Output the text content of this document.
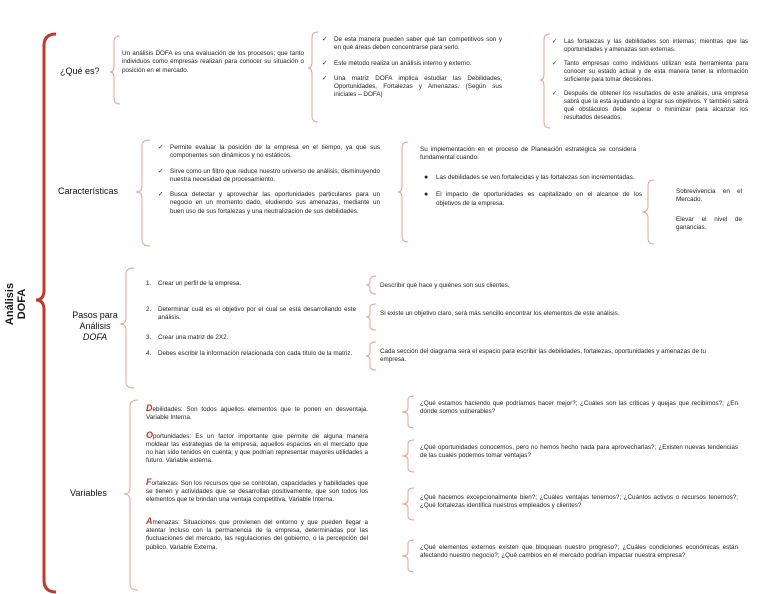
Análisis DOFA
¿Qué es?
Un análisis DOFA es una evaluación de los procesos; que tanto individuos como empresas realizan para conocer su situación o posición en el mercado.
✓ De esta manera pueden saber qué tan competitivos son y en qué áreas deben concentrarse para serlo.
✓ Este método realiza un análisis interno y externo.
✓ Una matriz DOFA implica estudiar las Debilidades, Oportunidades, Fortalezas y Amenazas. (Según sus iniciales – DOFA)
✓ Las fortalezas y las debilidades son internas; mientras que las oportunidades y amenazas son externas.
✓ Tanto empresas como individuos utilizan esta herramienta para conocer su estado actual y de esta manera tener la información suficiente para tomar decisiones.
✓ Después de obtener los resultados de este análisis, una empresa sabrá qué la está ayudando a lograr sus objetivos. Y también sabrá qué obstáculos debe superar o minimizar para alcanzar los resultados deseados.
Características
✓ Permite evaluar la posición de la empresa en el tiempo, ya que sus componentes son dinámicos y no estáticos.
✓ Sirve como un filtro que reduce nuestro universo de análisis, disminuyendo nuestra necesidad de procesamiento.
✓ Busca detectar y aprovechar las oportunidades particulares para un negocio en un momento dado, eludiendo sus amenazas, mediante un buen uso de sus fortalezas y una neutralización de sus debilidades.
Su implementación en el proceso de Planeación estratégica se considera fundamental cuando:
● Las debilidades se ven fortalecidas y las fortalezas son incrementadas.
● El impacto de oportunidades es capitalizado en el alcance de los objetivos de la empresa.
Sobrevivencia en el Mercado.
Elevar el nivel de ganancias.
Pasos para
Análisis
DOFA
1. Crear un perfil de la empresa.
2. Determinar cuál es el objetivo por el cual se está desarrollando este análisis.
3. Crear una matriz de 2X2.
4. Debes escribir la información relacionada con cada título de la matriz.
Describir qué hace y quiénes son sus clientes.
Si existe un objetivo claro, será más sencillo encontrar los elementos de este análisis.
Cada sección del diagrama será el espacio para escribir las debilidades, fortalezas, oportunidades y amenazas de tu empresa.
Variables
Debilidades: Son todos aquellos elementos que te ponen en desventaja. Variable Interna.
Oportunidades: Es un factor importante que permite de alguna manera moldear las estrategias de la empresa, aquellos espacios en el mercado que no han sido tenidos en cuenta; y que podrían representar mayores utilidades a futuro. Variable externa.
Fortalezas: Son los recursos que se controlan, capacidades y habilidades que se tienen y actividades que se desarrollan positivamente, que son todos los elementos que te brindan una ventaja competitiva. Variable Interna.
Amenazas: Situaciones que provienen del entorno y que pueden llegar a atentar incluso con la permanencia de la empresa, determinadas por las fluctuaciones del mercado, las regulaciones del gobierno, o la percepción del público. Variable Externa.
¿Qué estamos haciendo que podríamos hacer mejor?; ¿Cuáles son las críticas y quejas que recibimos?; ¿En dónde somos vulnerables?
¿Qué oportunidades conocemos, pero no hemos hecho nada para aprovecharlas?; ¿Existen nuevas tendencias de las cuales podemos tomar ventajas?
¿Qué hacemos excepcionalmente bien?; ¿Cuáles ventajas tenemos?; ¿Cuántos activos o recursos tenemos?; ¿Qué fortalezas identifica nuestros empleados y clientes?
¿Qué elementos externos existen que bloquean nuestro progreso?; ¿Cuáles condiciones económicas están afectando nuestro negocio?; ¿Qué cambios en el mercado podrían impactar nuestra empresa?
